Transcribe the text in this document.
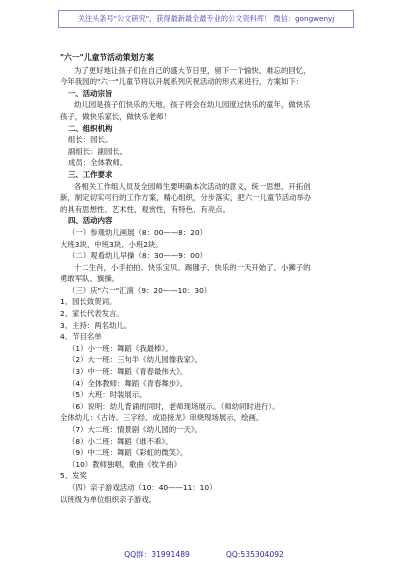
关注头条号"公文研究"，获得最新最全最专业的公文资料库！ 微信：gongwenyj
"六一"儿童节活动策划方案
为了更好地让孩子们在自己的盛大节日里，留下一个愉快、难忘的回忆，
今年我园的"六一"儿童节将以开展系列庆祝活动的形式来进行，方案如下：
一、活动宗旨
幼儿园是孩子们快乐的天地，孩子将会在幼儿园度过快乐的童年，做快乐
孩子，做快乐家长，做快乐老师！
二、组织机构
组长：园长。
副组长：副园长。
成员：全体教师。
三、工作要求
各相关工作组人员及全园师生要明确本次活动的意义，统一思想，开拓创
新，制定切实可行的工作方案，精心组织，分步落实，把六一儿童节活动举办
的具有思想性、艺术性、观赏性，有特色、有亮点。
四、活动内容
（一）参观幼儿画展（8：00——8：20）
大班3块、中班3块、小班2块。
（二）观看幼儿早操（8：30——9：00）
十二生肖，小手拍拍、快乐宝贝、踢毽子、快乐的一天开始了、小狮子的
勇敢军队、旗操。
（三）庆"六一"汇演（9：20——10：30）
1、园长致贺词。
2、家长代表发言。
3、主持：两名幼儿。
4、节目名单
（1）小一班：舞蹈《我最棒》。
（2）大一班：三句半《幼儿园像我家》。
（3）中一班：舞蹈《青春最伟大》。
（4）全体教师：舞蹈《青春舞步》。
（5）大班：时装展示。
（6）说明：幼儿背诵的同时，老师现场展示。（师幼同时进行）。
全体幼儿：《古诗、三字经、成语接龙》串烧现场展示，绘画。
（7）大二班：情景剧《幼儿园的一天》。
（8）小二班：舞蹈《谁不乖》。
（9）中二班：舞蹈《彩虹的微笑》。
（10）教师独唱，歌曲《牧羊曲》
5、发奖
（四）亲子游戏活动（10：40——11：10）
以班级为单位组织亲子游戏。
QQ群：31991489	QQ:535304092
